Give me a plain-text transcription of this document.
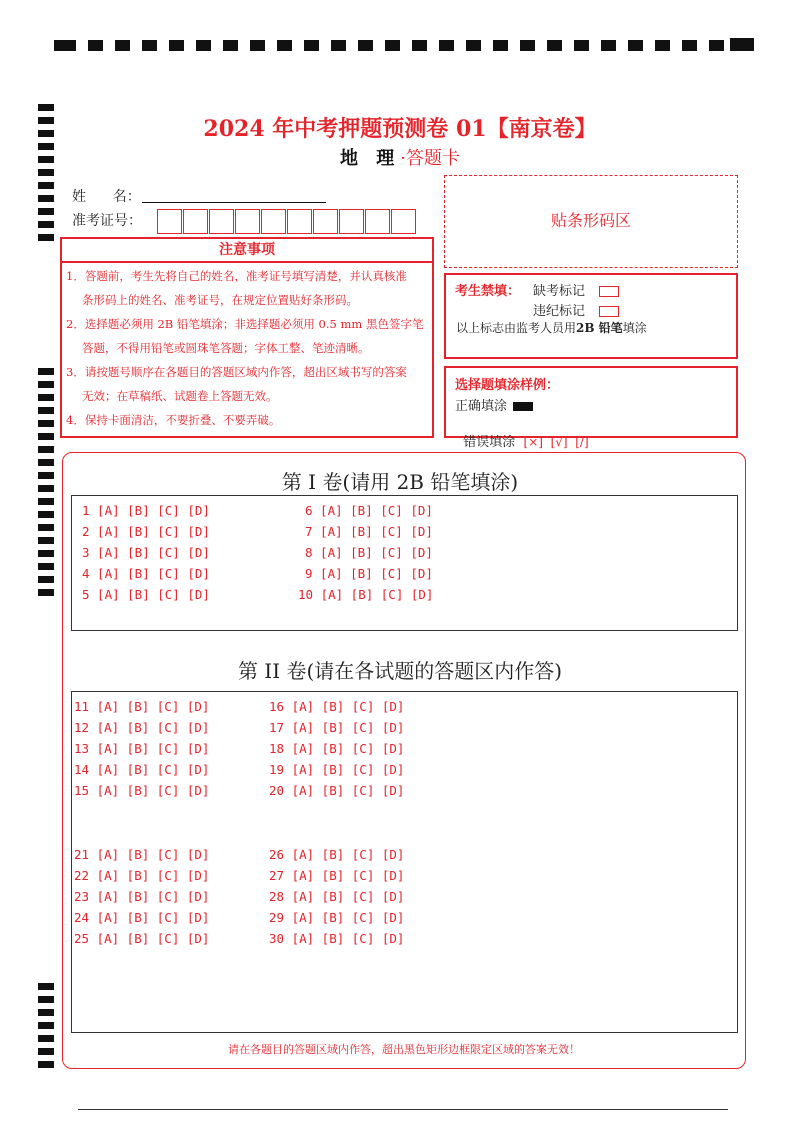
2024 年中考押题预测卷 01【南京卷】
地 理·答题卡
姓      名：
准考证号：	贴条形码区
注意事项
1．答题前，考生先将自己的姓名，准考证号填写清楚，并认真核准
条形码上的姓名、准考证号，在规定位置贴好条形码。
2．选择题必须用 2B 铅笔填涂；非选择题必须用 0.5 mm 黑色签字笔
答题，不得用铅笔或圆珠笔答题；字体工整、笔迹清晰。
3．请按题号顺序在各题目的答题区域内作答，超出区域书写的答案
无效；在草稿纸、试题卷上答题无效。
4．保持卡面清洁，不要折叠、不要弄破。
考生禁填： 缺考标记
违纪标记
以上标志由监考人员用2B 铅笔填涂
选择题填涂样例：
正确填涂

错误填涂 [×]  [√]  [/]

第 I 卷(请用 2B 铅笔填涂)
1 [A] [B] [C] [D]
2 [A] [B] [C] [D]
3 [A] [B] [C] [D]
4 [A] [B] [C] [D]
5 [A] [B] [C] [D]
6 [A] [B] [C] [D]
7 [A] [B] [C] [D]
8 [A] [B] [C] [D]
9 [A] [B] [C] [D]
10 [A] [B] [C] [D]
第 II 卷(请在各试题的答题区内作答)
11 [A] [B] [C] [D]
12 [A] [B] [C] [D]
13 [A] [B] [C] [D]
14 [A] [B] [C] [D]
15 [A] [B] [C] [D]
16 [A] [B] [C] [D]
17 [A] [B] [C] [D]
18 [A] [B] [C] [D]
19 [A] [B] [C] [D]
20 [A] [B] [C] [D]
21 [A] [B] [C] [D]
22 [A] [B] [C] [D]
23 [A] [B] [C] [D]
24 [A] [B] [C] [D]
25 [A] [B] [C] [D]
26 [A] [B] [C] [D]
27 [A] [B] [C] [D]
28 [A] [B] [C] [D]
29 [A] [B] [C] [D]
30 [A] [B] [C] [D]
请在各题目的答题区域内作答，超出黑色矩形边框限定区域的答案无效！
